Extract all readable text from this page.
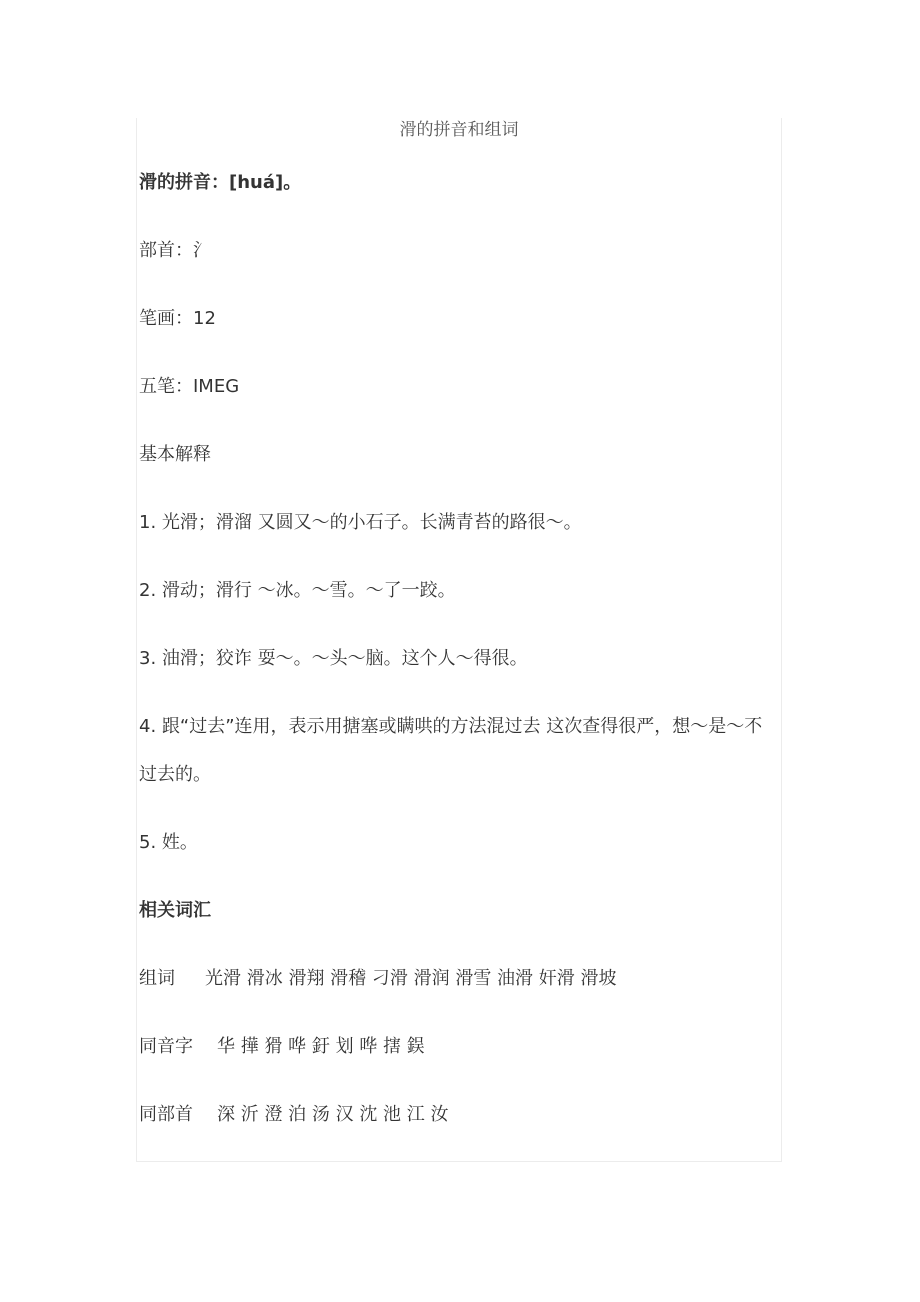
滑的拼音和组词
滑的拼音：[huá]。
部首：氵
笔画：12
五笔：IMEG
基本解释
1. 光滑；滑溜 又圆又～的小石子。长满青苔的路很～。
2. 滑动；滑行 ～冰。～雪。～了一跤。
3. 油滑；狡诈 耍～。～头～脑。这个人～得很。
4. 跟“过去”连用，表示用搪塞或瞒哄的方法混过去 这次查得很严，想～是～不过去的。
5. 姓。
相关词汇
组词 光滑 滑冰 滑翔 滑稽 刁滑 滑润 滑雪 油滑 奸滑 滑坡
同音字 华 撶 猾 哗 釪 划 哗 搳 鋘
同部首 深 沂 澄 泊 汤 汉 沈 池 江 汝
